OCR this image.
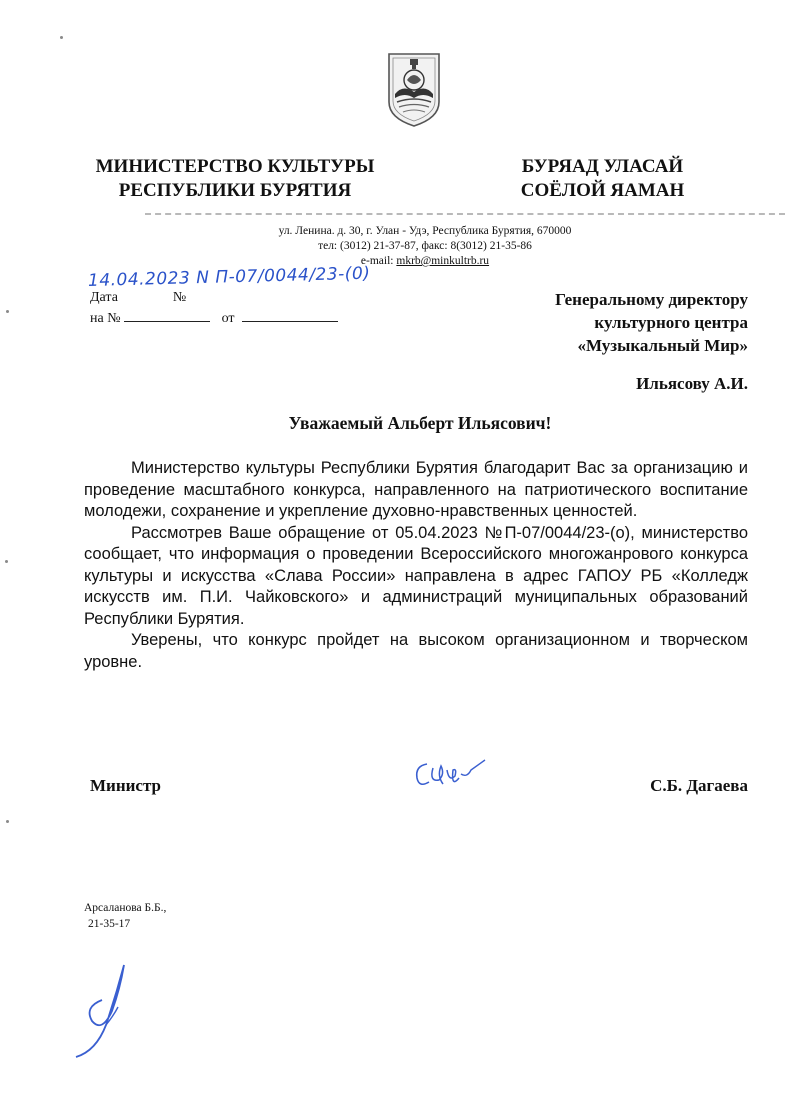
МИНИСТЕРСТВО КУЛЬТУРЫ
РЕСПУБЛИКИ БУРЯТИЯ
БУРЯАД УЛАСАЙ
СОЁЛОЙ ЯАМАН
ул. Ленина. д. 30, г. Улан - Удэ, Республика Бурятия, 670000
тел: (3012) 21-37-87, факс: 8(3012) 21-35-86
e-mail: mkrb@minkultrb.ru
14.04.2023 N П-07/0044/23-(0)
Дата	№
на №	от
Генеральному директору
культурного центра
«Музыкальный Мир»
Ильясову А.И.
Уважаемый Альберт Ильясович!

Министерство культуры Республики Бурятия благодарит Вас за организацию и проведение масштабного конкурса, направленного на патриотического воспитание молодежи, сохранение и укрепление духовно-нравственных ценностей.

Рассмотрев Ваше обращение от 05.04.2023 №П-07/0044/23-(о), министерство сообщает, что информация о проведении Всероссийского многожанрового конкурса культуры и искусства «Слава России» направлена в адрес ГАПОУ РБ «Колледж искусств им. П.И. Чайковского» и администраций муниципальных образований Республики Бурятия.

Уверены, что конкурс пройдет на высоком организационном и творческом уровне.

Министр	С.Б. Дагаева
Арсаланова Б.Б.,
21-35-17
